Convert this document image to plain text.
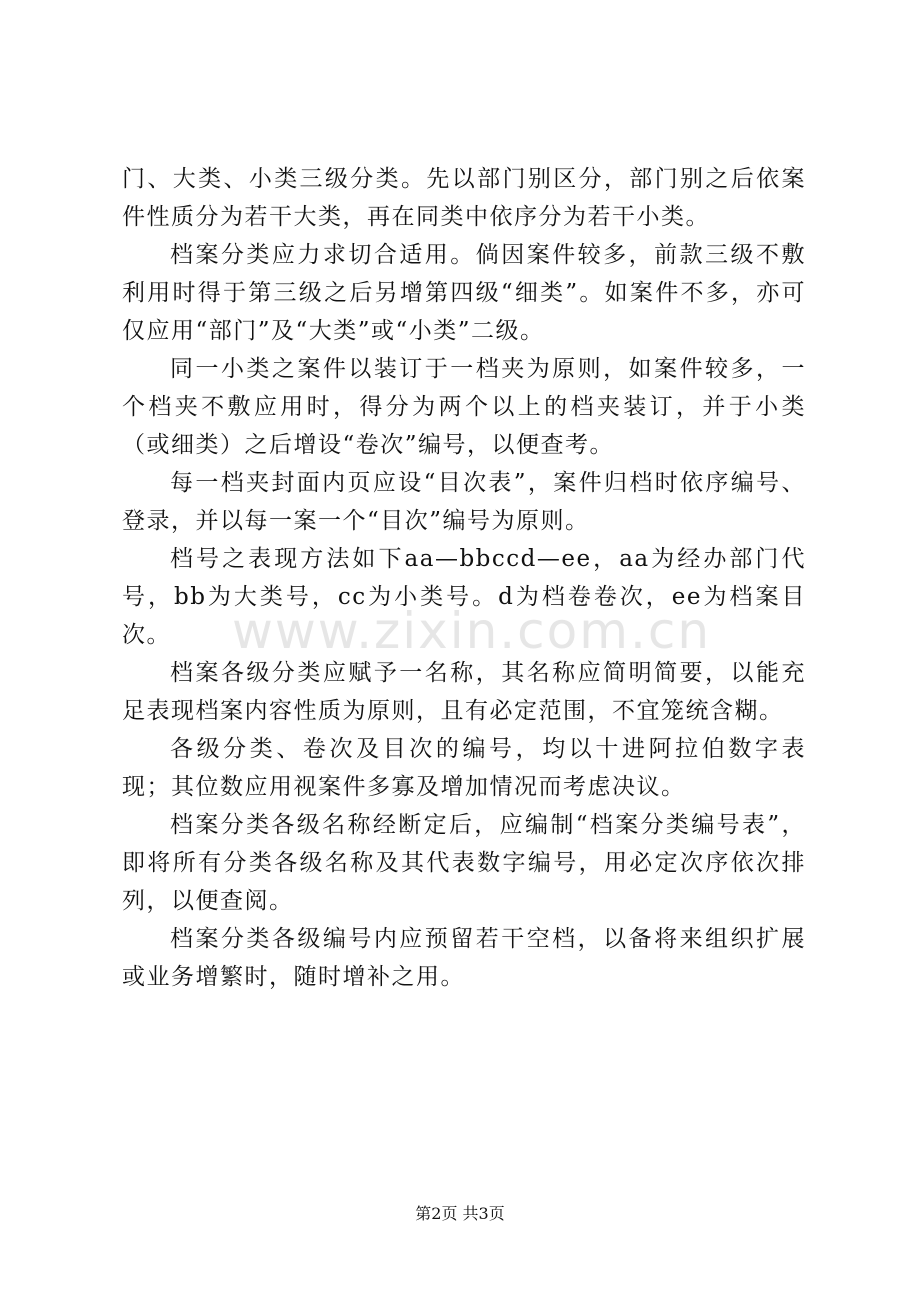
门、大类、小类三级分类。先以部门别区分，部门别之后依案件性质分为若干大类，再在同类中依序分为若干小类。

档案分类应力求切合适用。倘因案件较多，前款三级不敷利用时得于第三级之后另增第四级“细类”。如案件不多，亦可仅应用“部门”及“大类”或“小类”二级。

同一小类之案件以装订于一档夹为原则，如案件较多，一个档夹不敷应用时，得分为两个以上的档夹装订，并于小类（或细类）之后增设“卷次”编号，以便查考。

每一档夹封面内页应设“目次表”，案件归档时依序编号、登录，并以每一案一个“目次”编号为原则。

档号之表现方法如下aa—bbccd—ee，aa为经办部门代号，bb为大类号，cc为小类号。d为档卷卷次，ee为档案目次。

档案各级分类应赋予一名称，其名称应简明简要，以能充足表现档案内容性质为原则，且有必定范围，不宜笼统含糊。

各级分类、卷次及目次的编号，均以十进阿拉伯数字表现；其位数应用视案件多寡及增加情况而考虑决议。

档案分类各级名称经断定后，应编制“档案分类编号表”，即将所有分类各级名称及其代表数字编号，用必定次序依次排列，以便查阅。

档案分类各级编号内应预留若干空档，以备将来组织扩展或业务增繁时，随时增补之用。

www.zixin.com.cn
第2页 共3页
